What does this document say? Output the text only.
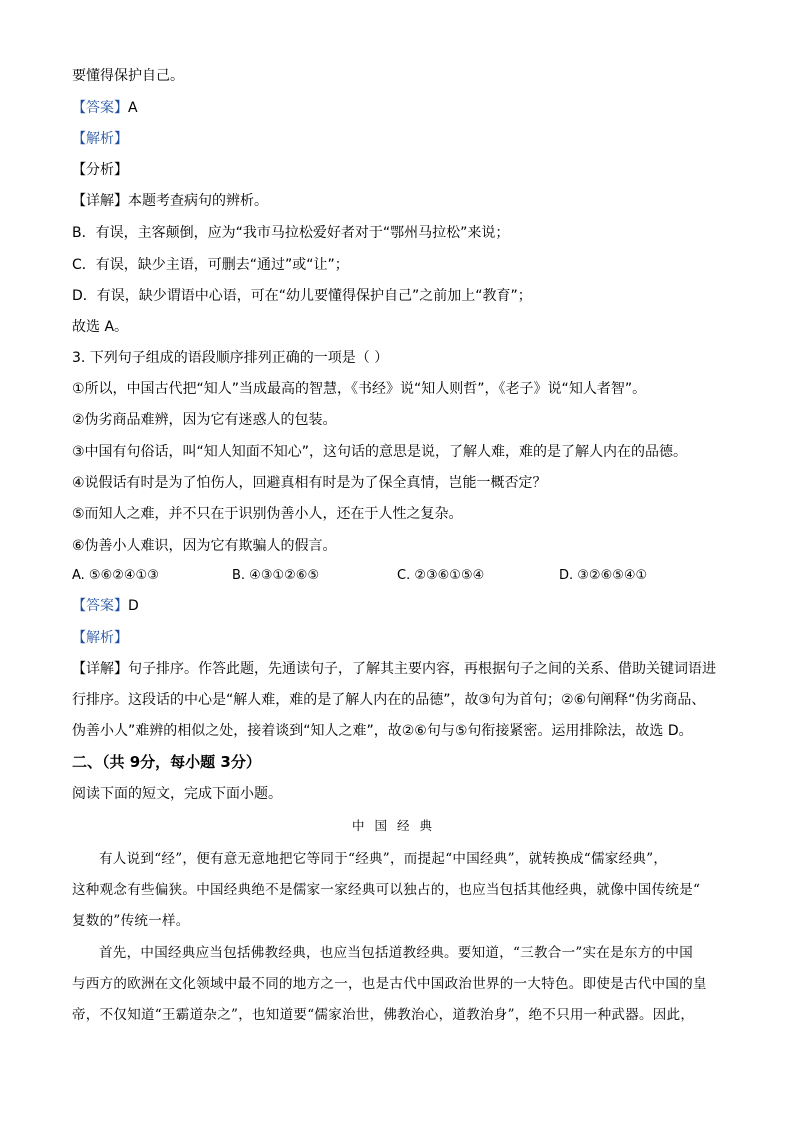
要懂得保护自己。
【答案】A
【解析】
【分析】
【详解】本题考查病句的辨析。
B．有误，主客颠倒，应为“我市马拉松爱好者对于“鄂州马拉松”来说；
C．有误，缺少主语，可删去“通过”或“让”；
D．有误，缺少谓语中心语，可在“幼儿要懂得保护自己”之前加上“教育”；
故选 A。
3. 下列句子组成的语段顺序排列正确的一项是（ ）
①所以，中国古代把“知人”当成最高的智慧，《书经》说“知人则哲”，《老子》说“知人者智”。
②伪劣商品难辨，因为它有迷惑人的包装。
③中国有句俗话，叫“知人知面不知心”，这句话的意思是说，了解人难，难的是了解人内在的品德。
④说假话有时是为了怕伤人，回避真相有时是为了保全真情，岂能一概否定？
⑤而知人之难，并不只在于识别伪善小人，还在于人性之复杂。
⑥伪善小人难识，因为它有欺骗人的假言。
A. ⑤⑥②④①③	B. ④③①②⑥⑤	C. ②③⑥①⑤④	D. ③②⑥⑤④①
【答案】D
【解析】
【详解】句子排序。作答此题，先通读句子，了解其主要内容，再根据句子之间的关系、借助关键词语进
行排序。这段话的中心是“解人难，难的是了解人内在的品德”，故③句为首句；②⑥句阐释“伪劣商品、
伪善小人”难辨的相似之处，接着谈到“知人之难”，故②⑥句与⑤句衔接紧密。运用排除法，故选 D。
二、（共 9分，每小题 3分）
阅读下面的短文，完成下面小题。
中国经典
有人说到“经”，便有意无意地把它等同于“经典”，而提起“中国经典”，就转换成“儒家经典”，
这种观念有些偏狭。中国经典绝不是儒家一家经典可以独占的，也应当包括其他经典，就像中国传统是“
复数的”传统一样。
首先，中国经典应当包括佛教经典，也应当包括道教经典。要知道，“三教合一”实在是东方的中国
与西方的欧洲在文化领域中最不同的地方之一，也是古代中国政治世界的一大特色。即使是古代中国的皇
帝，不仅知道“王霸道杂之”，也知道要“儒家治世，佛教治心，道教治身”，绝不只用一种武器。因此，
